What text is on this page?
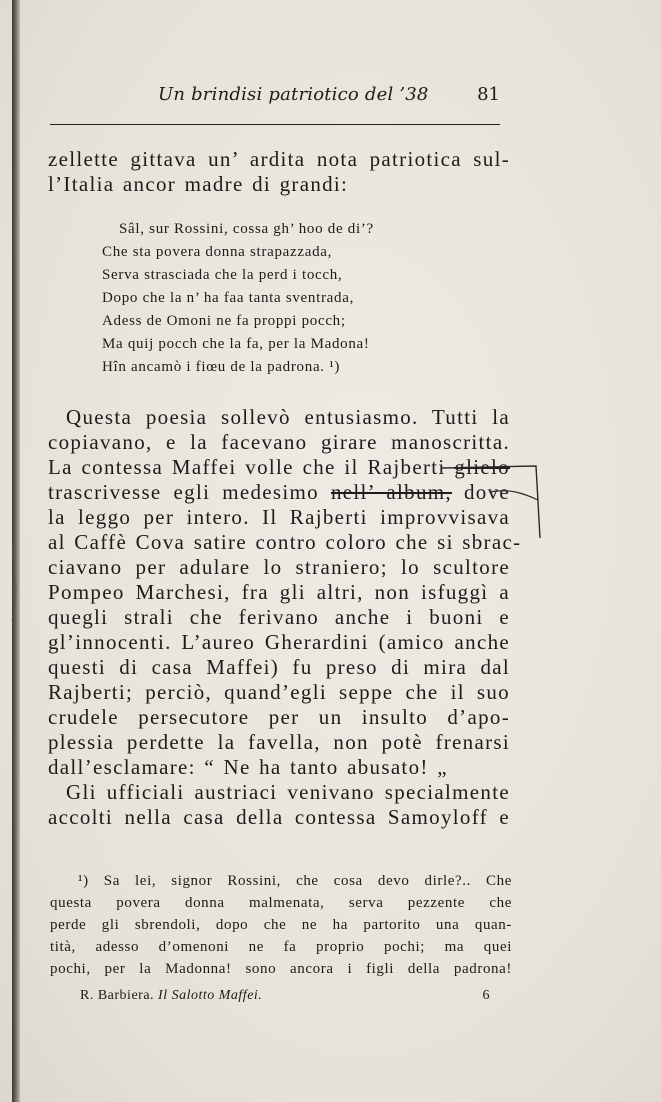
Un brindisi patriotico del ’38	81
zellette gittava un’ ardita nota patriotica sul-
l’Italia ancor madre di grandi:
Sâl, sur Rossini, cossa gh’ hoo de di’?
Che sta povera donna strapazzada,
Serva strasciada che la perd i tocch,
Dopo che la n’ ha faa tanta sventrada,
Adess de Omoni ne fa proppi pocch;
Ma quij pocch che la fa, per la Madona!
Hîn ancamò i fiœu de la padrona. ¹)
Questa poesia sollevò entusiasmo. Tutti la
copiavano, e la facevano girare manoscritta.
La contessa Maffei volle che il Rajberti glielo
trascrivesse egli medesimo nell’ album, dove
la leggo per intero. Il Rajberti improvvisava
al Caffè Cova satire contro coloro che si sbrac-
ciavano per adulare lo straniero; lo scultore
Pompeo Marchesi, fra gli altri, non isfuggì a
quegli strali che ferivano anche i buoni e
gl’innocenti. L’aureo Gherardini (amico anche
questi di casa Maffei) fu preso di mira dal
Rajberti; perciò, quand’egli seppe che il suo
crudele persecutore per un insulto d’apo-
plessia perdette la favella, non potè frenarsi
dall’esclamare: “ Ne ha tanto abusato! „
Gli ufficiali austriaci venivano specialmente
accolti nella casa della contessa Samoyloff e
¹) Sa lei, signor Rossini, che cosa devo dirle?.. Che
questa povera donna malmenata, serva pezzente che
perde gli sbrendoli, dopo che ne ha partorito una quan-
tità, adesso d’omenoni ne fa proprio pochi; ma quei
pochi, per la Madonna! sono ancora i figli della padrona!
R. Barbiera. Il Salotto Maffei.	6
